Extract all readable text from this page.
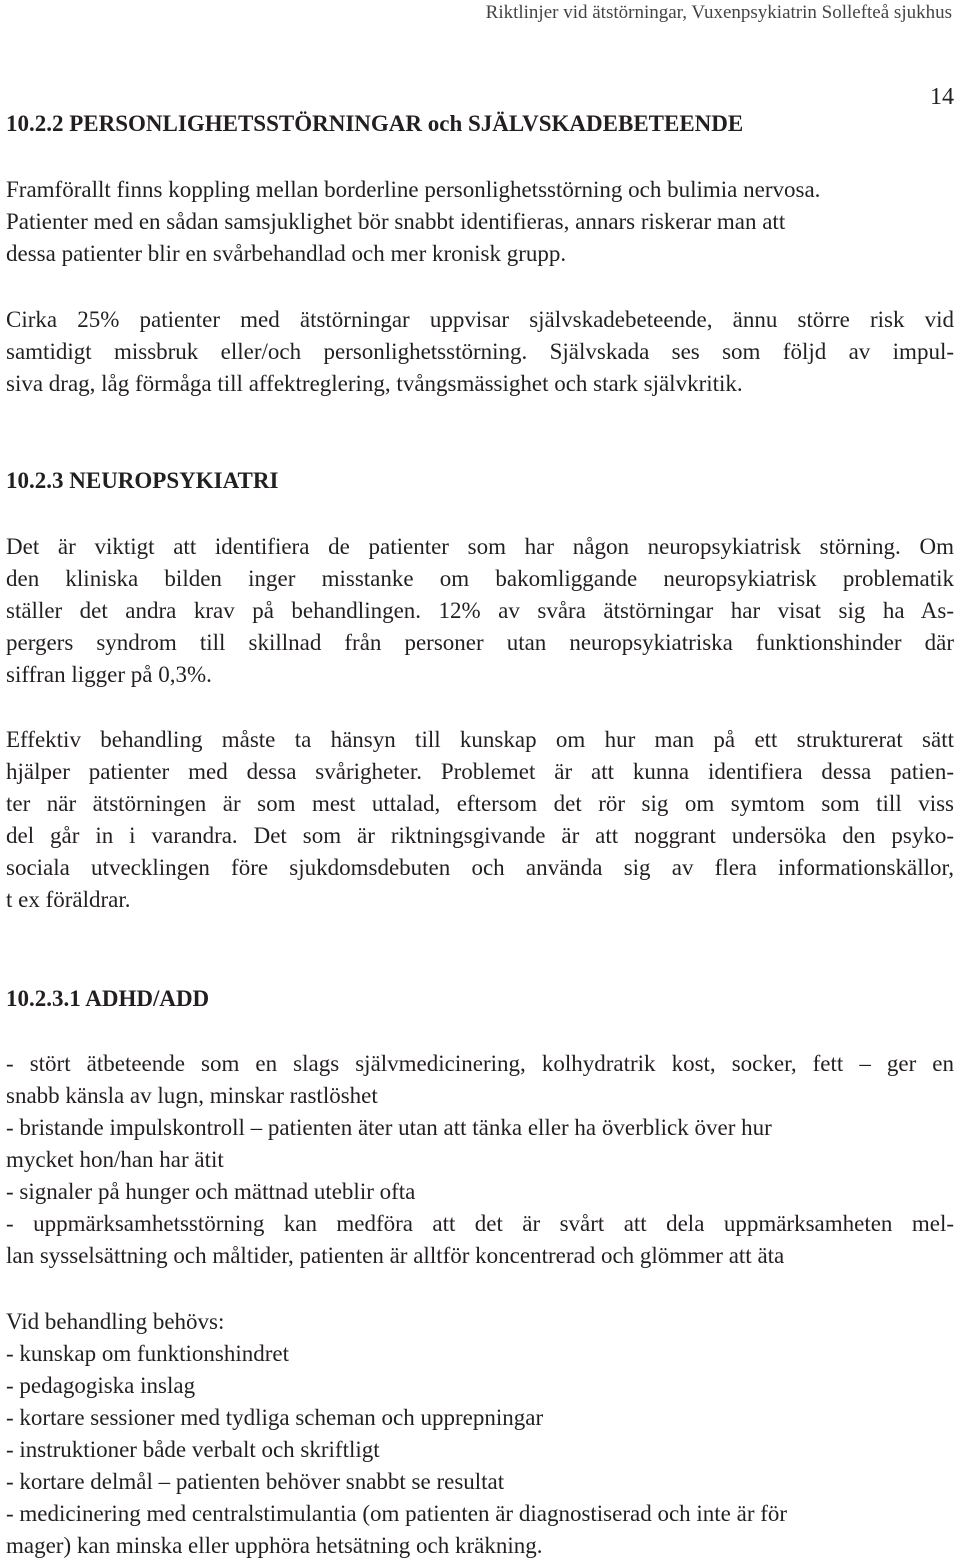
Riktlinjer vid ätstörningar, Vuxenpsykiatrin Sollefteå sjukhus
14
10.2.2 PERSONLIGHETSSTÖRNINGAR och SJÄLVSKADEBETEENDE
Framförallt finns koppling mellan borderline personlighetsstörning och bulimia nervosa.
Patienter med en sådan samsjuklighet bör snabbt identifieras, annars riskerar man att
dessa patienter blir en svårbehandlad och mer kronisk grupp.
Cirka 25% patienter med ätstörningar uppvisar självskadebeteende, ännu större risk vid
samtidigt missbruk eller/och personlighetsstörning. Självskada ses som följd av impul-
siva drag, låg förmåga till affektreglering, tvångsmässighet och stark självkritik.
10.2.3 NEUROPSYKIATRI
Det är viktigt att identifiera de patienter som har någon neuropsykiatrisk störning. Om
den kliniska bilden inger misstanke om bakomliggande neuropsykiatrisk problematik
ställer det andra krav på behandlingen. 12% av svåra ätstörningar har visat sig ha As-
pergers syndrom till skillnad från personer utan neuropsykiatriska funktionshinder där
siffran ligger på 0,3%.
Effektiv behandling måste ta hänsyn till kunskap om hur man på ett strukturerat sätt
hjälper patienter med dessa svårigheter. Problemet är att kunna identifiera dessa patien-
ter när ätstörningen är som mest uttalad, eftersom det rör sig om symtom som till viss
del går in i varandra. Det som är riktningsgivande är att noggrant undersöka den psyko-
sociala utvecklingen före sjukdomsdebuten och använda sig av flera informationskällor,
t ex föräldrar.
10.2.3.1 ADHD/ADD
- stört ätbeteende som en slags självmedicinering, kolhydratrik kost, socker, fett – ger en
snabb känsla av lugn, minskar rastlöshet
- bristande impulskontroll – patienten äter utan att tänka eller ha överblick över hur
mycket hon/han har ätit
- signaler på hunger och mättnad uteblir ofta
- uppmärksamhetsstörning kan medföra att det är svårt att dela uppmärksamheten mel-
lan sysselsättning och måltider, patienten är alltför koncentrerad och glömmer att äta
Vid behandling behövs:
- kunskap om funktionshindret
- pedagogiska inslag
- kortare sessioner med tydliga scheman och upprepningar
- instruktioner både verbalt och skriftligt
- kortare delmål – patienten behöver snabbt se resultat
- medicinering med centralstimulantia (om patienten är diagnostiserad och inte är för
mager) kan minska eller upphöra hetsätning och kräkning.
